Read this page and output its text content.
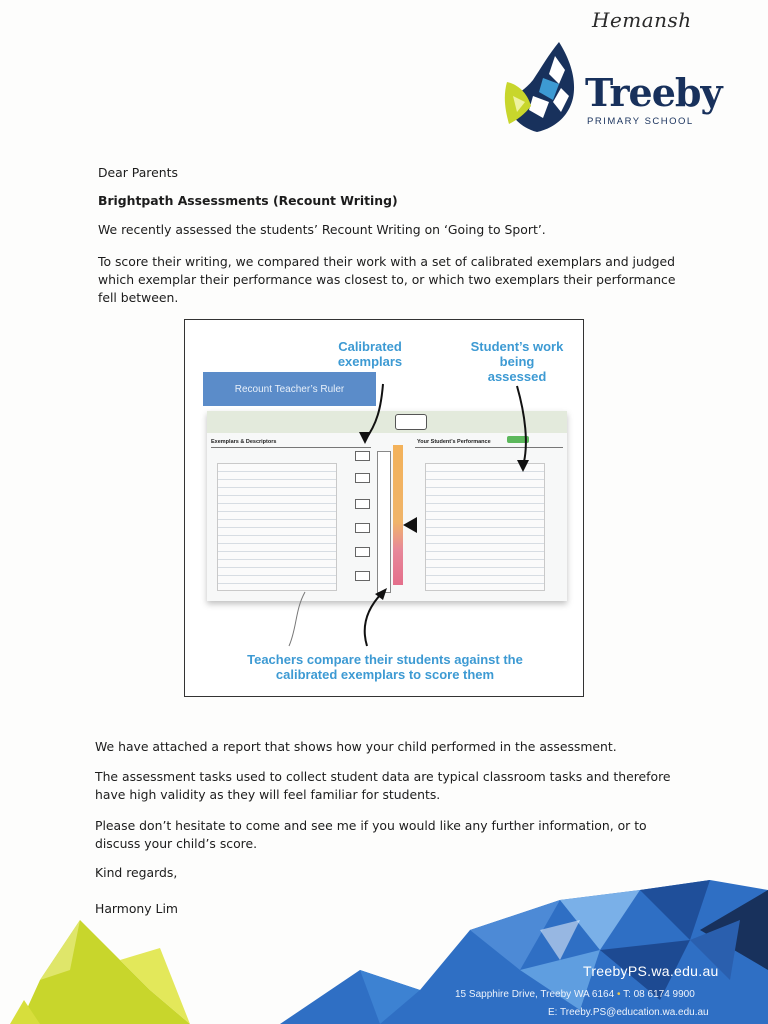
Hemansh
Treeby
PRIMARY SCHOOL
Dear Parents
Brightpath Assessments (Recount Writing)
We recently assessed the students’ Recount Writing on ‘Going to Sport’.
To score their writing, we compared their work with a set of calibrated exemplars and judged which exemplar their performance was closest to, or which two exemplars their performance fell between.
Calibrated exemplars
Student’s work being assessed
Recount Teacher’s Ruler
Exemplars & Descriptors	Your Student’s Performance
Teachers compare their students against the calibrated exemplars to score them
We have attached a report that shows how your child performed in the assessment.
The assessment tasks used to collect student data are typical classroom tasks and therefore have high validity as they will feel familiar for students.
Please don’t hesitate to come and see me if you would like any further information, or to discuss your child’s score.
Kind regards,
Harmony Lim
TreebyPS.wa.edu.au
15 Sapphire Drive, Treeby WA 6164 • T: 08 6174 9900
E: Treeby.PS@education.wa.edu.au
